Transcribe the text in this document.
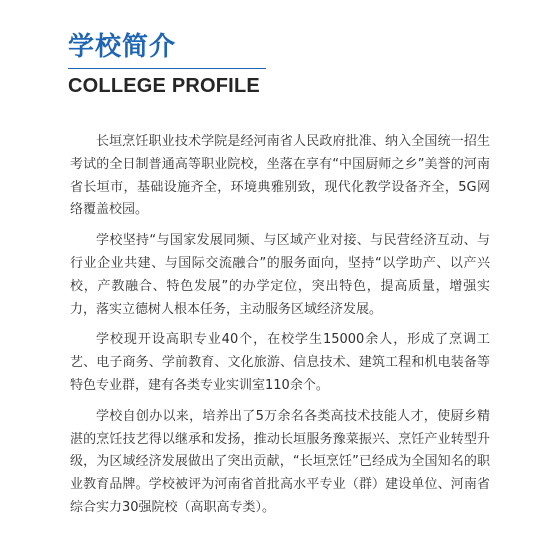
学校简介
COLLEGE PROFILE

长垣烹饪职业技术学院是经河南省人民政府批准、纳入全国统一招生考试的全日制普通高等职业院校，坐落在享有“中国厨师之乡”美誉的河南省长垣市，基础设施齐全，环境典雅别致，现代化教学设备齐全，5G网络覆盖校园。

学校坚持“与国家发展同频、与区域产业对接、与民营经济互动、与行业企业共建、与国际交流融合”的服务面向，坚持“以学助产、以产兴校，产教融合、特色发展”的办学定位，突出特色，提高质量，增强实力，落实立德树人根本任务，主动服务区域经济发展。

学校现开设高职专业40个，在校学生15000余人，形成了烹调工艺、电子商务、学前教育、文化旅游、信息技术、建筑工程和机电装备等特色专业群，建有各类专业实训室110余个。

学校自创办以来，培养出了5万余名各类高技术技能人才，使厨乡精湛的烹饪技艺得以继承和发扬，推动长垣服务豫菜振兴、烹饪产业转型升级，为区域经济发展做出了突出贡献，“长垣烹饪”已经成为全国知名的职业教育品牌。学校被评为河南省首批高水平专业（群）建设单位、河南省综合实力30强院校（高职高专类）。
